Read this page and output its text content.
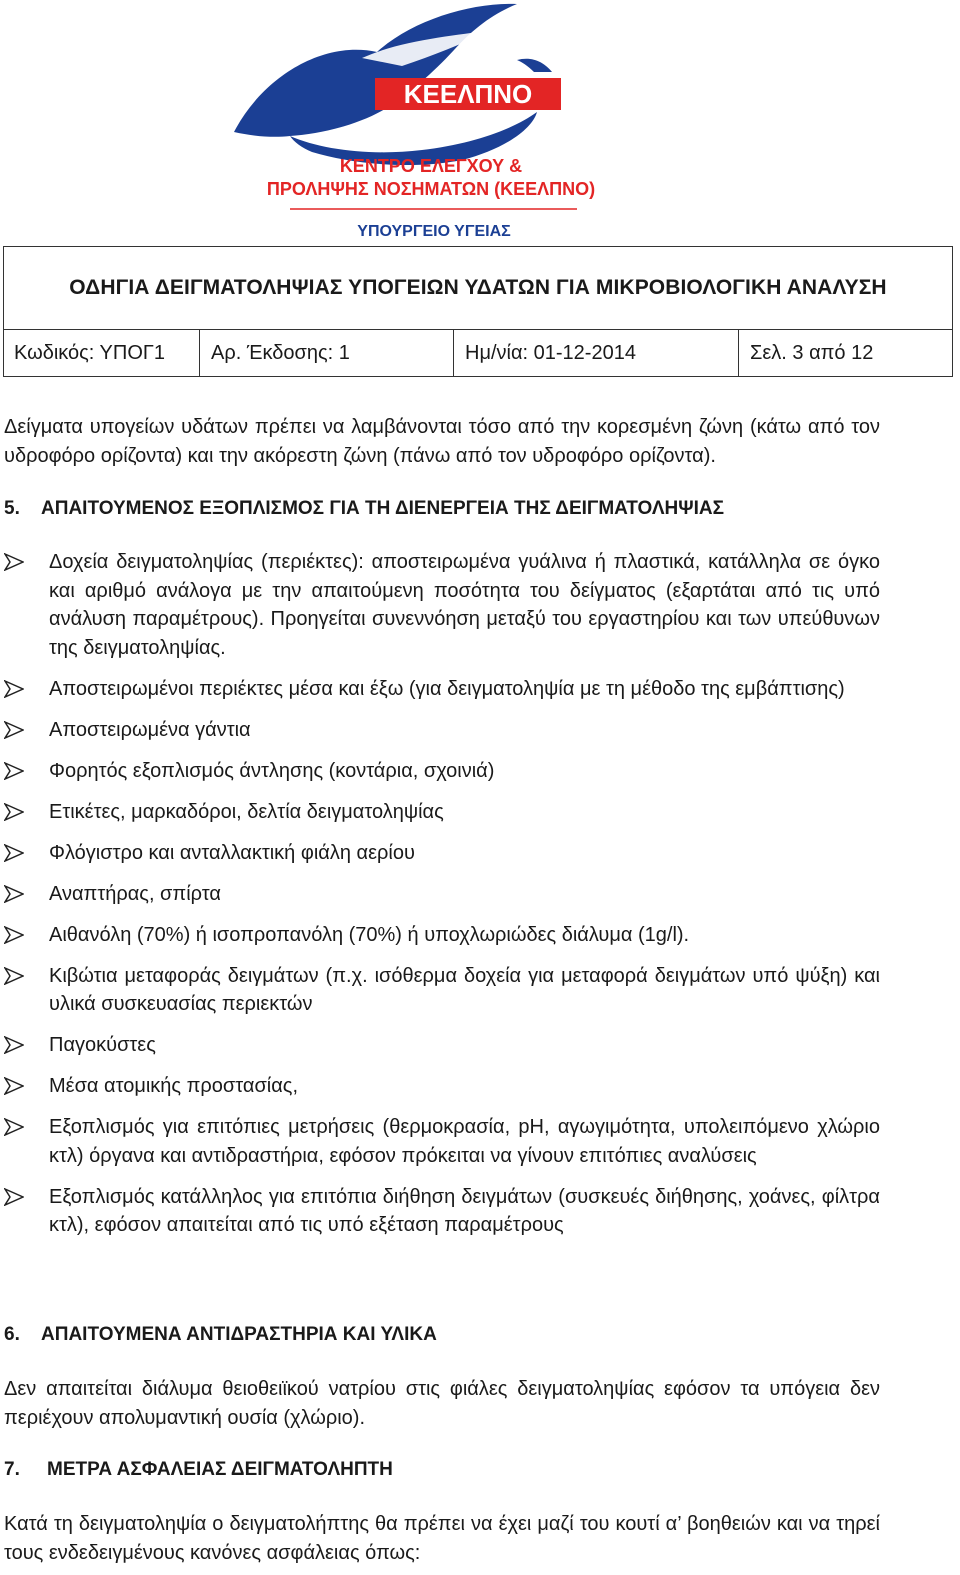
ΚΕΕΛΠΝΟ
ΚΕΝΤΡΟ ΕΛΕΓΧΟΥ &
ΠΡΟΛΗΨΗΣ ΝΟΣΗΜΑΤΩΝ (ΚΕΕΛΠΝΟ)
ΥΠΟΥΡΓΕΙΟ ΥΓΕΙΑΣ
ΟΔΗΓΙΑ ΔΕΙΓΜΑΤΟΛΗΨΙΑΣ ΥΠΟΓΕΙΩΝ ΥΔΑΤΩΝ ΓΙΑ ΜΙΚΡΟΒΙΟΛΟΓΙΚΗ ΑΝΑΛΥΣΗ
Κωδικός: ΥΠΟΓ1	Αρ. Έκδοσης: 1	Ημ/νία: 01-12-2014	Σελ. 3 από 12
Δείγματα υπογείων υδάτων πρέπει να λαμβάνονται τόσο από την κορεσμένη ζώνη (κάτω από τον υδροφόρο ορίζοντα) και την ακόρεστη ζώνη (πάνω από τον υδροφόρο ορίζοντα).
5. ΑΠΑΙΤΟΥΜΕΝΟΣ ΕΞΟΠΛΙΣΜΟΣ ΓΙΑ ΤΗ ΔΙΕΝΕΡΓΕΙΑ ΤΗΣ ΔΕΙΓΜΑΤΟΛΗΨΙΑΣ
Δοχεία δειγματοληψίας (περιέκτες): αποστειρωμένα γυάλινα ή πλαστικά, κατάλληλα σε όγκο και αριθμό ανάλογα με την απαιτούμενη ποσότητα του δείγματος (εξαρτάται από τις υπό ανάλυση παραμέτρους). Προηγείται συνεννόηση μεταξύ του εργαστηρίου και των υπεύθυνων της δειγματοληψίας.
Αποστειρωμένοι περιέκτες μέσα και έξω (για δειγματοληψία με τη μέθοδο της εμβάπτισης)
Αποστειρωμένα γάντια
Φορητός εξοπλισμός άντλησης (κοντάρια, σχοινιά)
Ετικέτες, μαρκαδόροι, δελτία δειγματοληψίας
Φλόγιστρο και ανταλλακτική φιάλη αερίου
Αναπτήρας, σπίρτα
Αιθανόλη (70%) ή ισοπροπανόλη (70%) ή υποχλωριώδες διάλυμα (1g/l).
Κιβώτια μεταφοράς δειγμάτων (π.χ. ισόθερμα δοχεία για μεταφορά δειγμάτων υπό ψύξη) και υλικά συσκευασίας περιεκτών
Παγοκύστες
Μέσα ατομικής προστασίας,
Εξοπλισμός για επιτόπιες μετρήσεις (θερμοκρασία, pH, αγωγιμότητα, υπολειπόμενο χλώριο κτλ) όργανα και αντιδραστήρια, εφόσον πρόκειται να γίνουν επιτόπιες αναλύσεις
Εξοπλισμός κατάλληλος για επιτόπια διήθηση δειγμάτων (συσκευές διήθησης, χοάνες, φίλτρα κτλ), εφόσον απαιτείται από τις υπό εξέταση παραμέτρους
6. ΑΠΑΙΤΟΥΜΕΝΑ ΑΝΤΙΔΡΑΣΤΗΡΙΑ ΚΑΙ ΥΛΙΚΑ
Δεν απαιτείται διάλυμα θειοθειϊκού νατρίου στις φιάλες δειγματοληψίας εφόσον τα υπόγεια δεν περιέχουν απολυμαντική ουσία (χλώριο).
7. ΜΕΤΡΑ ΑΣΦΑΛΕΙΑΣ ΔΕΙΓΜΑΤΟΛΗΠΤΗ
Κατά τη δειγματοληψία ο δειγματολήπτης θα πρέπει να έχει μαζί του κουτί α’ βοηθειών και να τηρεί τους ενδεδειγμένους κανόνες ασφάλειας όπως:
